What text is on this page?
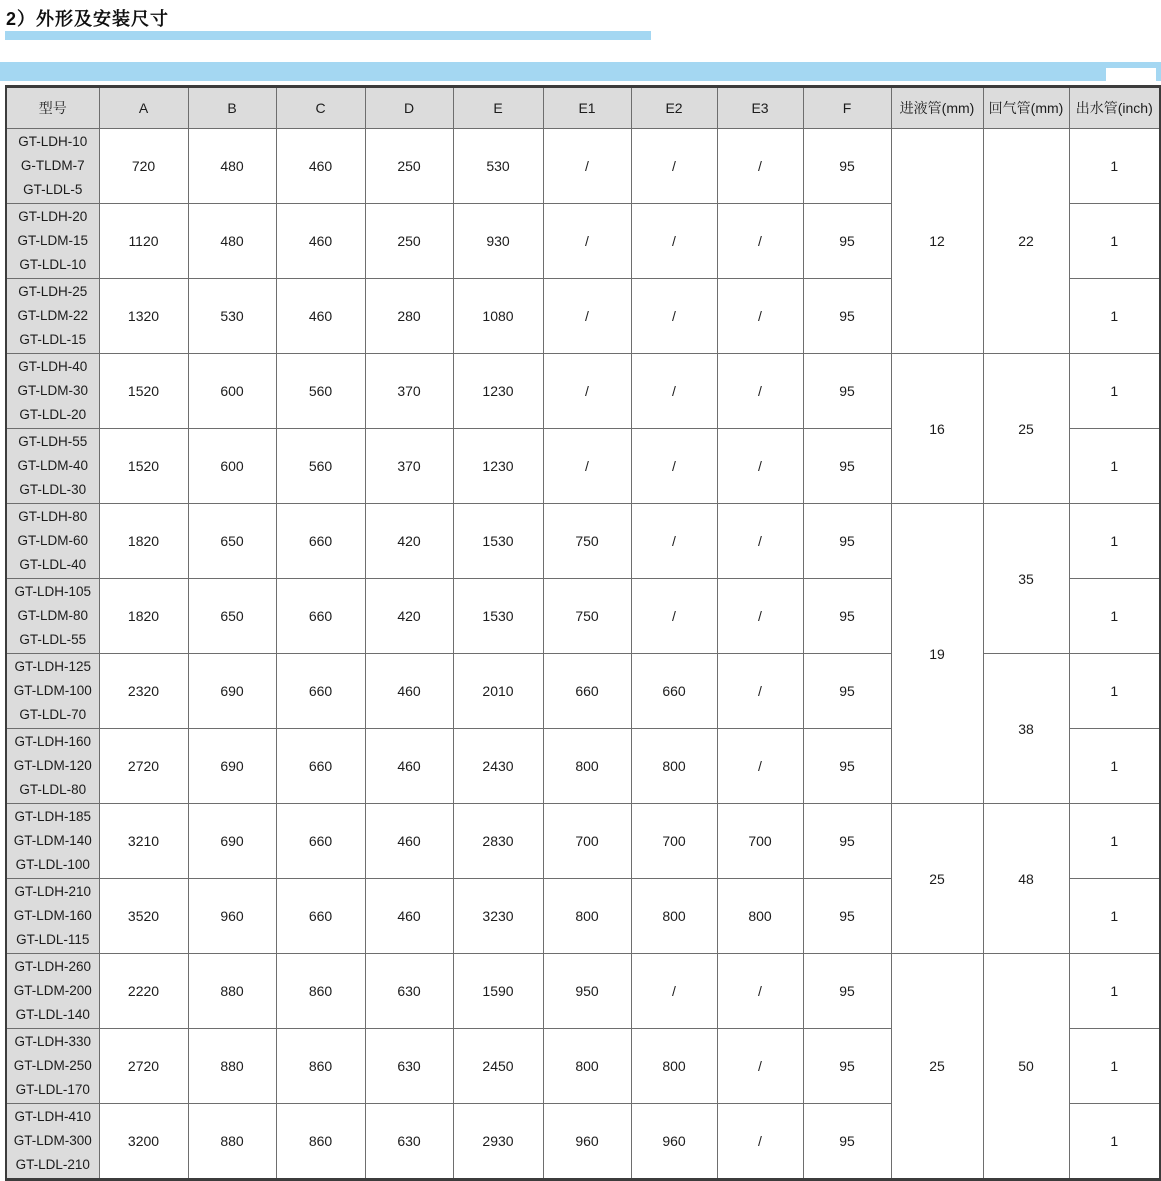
2）外形及安装尺寸
型号	A	B	C	D	E	E1	E2	E3	F	进液管(mm)	回气管(mm)	出水管(inch)

GT-LDH-10
G-TLDM-7
GT-LDL-5	720	480	460	250	530	/	/	/	95	12	22	1

GT-LDH-20
GT-LDM-15
GT-LDL-10	1120	480	460	250	930	/	/	/	95			1

GT-LDH-25
GT-LDM-22
GT-LDL-15	1320	530	460	280	1080	/	/	/	95			1

GT-LDH-40
GT-LDM-30
GT-LDL-20	1520	600	560	370	1230	/	/	/	95	16	25	1

GT-LDH-55
GT-LDM-40
GT-LDL-30	1520	600	560	370	1230	/	/	/	95			1

GT-LDH-80
GT-LDM-60
GT-LDL-40	1820	650	660	420	1530	750	/	/	95	19	35	1

GT-LDH-105
GT-LDM-80
GT-LDL-55	1820	650	660	420	1530	750	/	/	95			1

GT-LDH-125
GT-LDM-100
GT-LDL-70	2320	690	660	460	2010	660	660	/	95		38	1

GT-LDH-160
GT-LDM-120
GT-LDL-80	2720	690	660	460	2430	800	800	/	95			1

GT-LDH-185
GT-LDM-140
GT-LDL-100	3210	690	660	460	2830	700	700	700	95	25	48	1

GT-LDH-210
GT-LDM-160
GT-LDL-115	3520	960	660	460	3230	800	800	800	95			1

GT-LDH-260
GT-LDM-200
GT-LDL-140	2220	880	860	630	1590	950	/	/	95	25	50	1

GT-LDH-330
GT-LDM-250
GT-LDL-170	2720	880	860	630	2450	800	800	/	95			1

GT-LDH-410
GT-LDM-300
GT-LDL-210	3200	880	860	630	2930	960	960	/	95			1
